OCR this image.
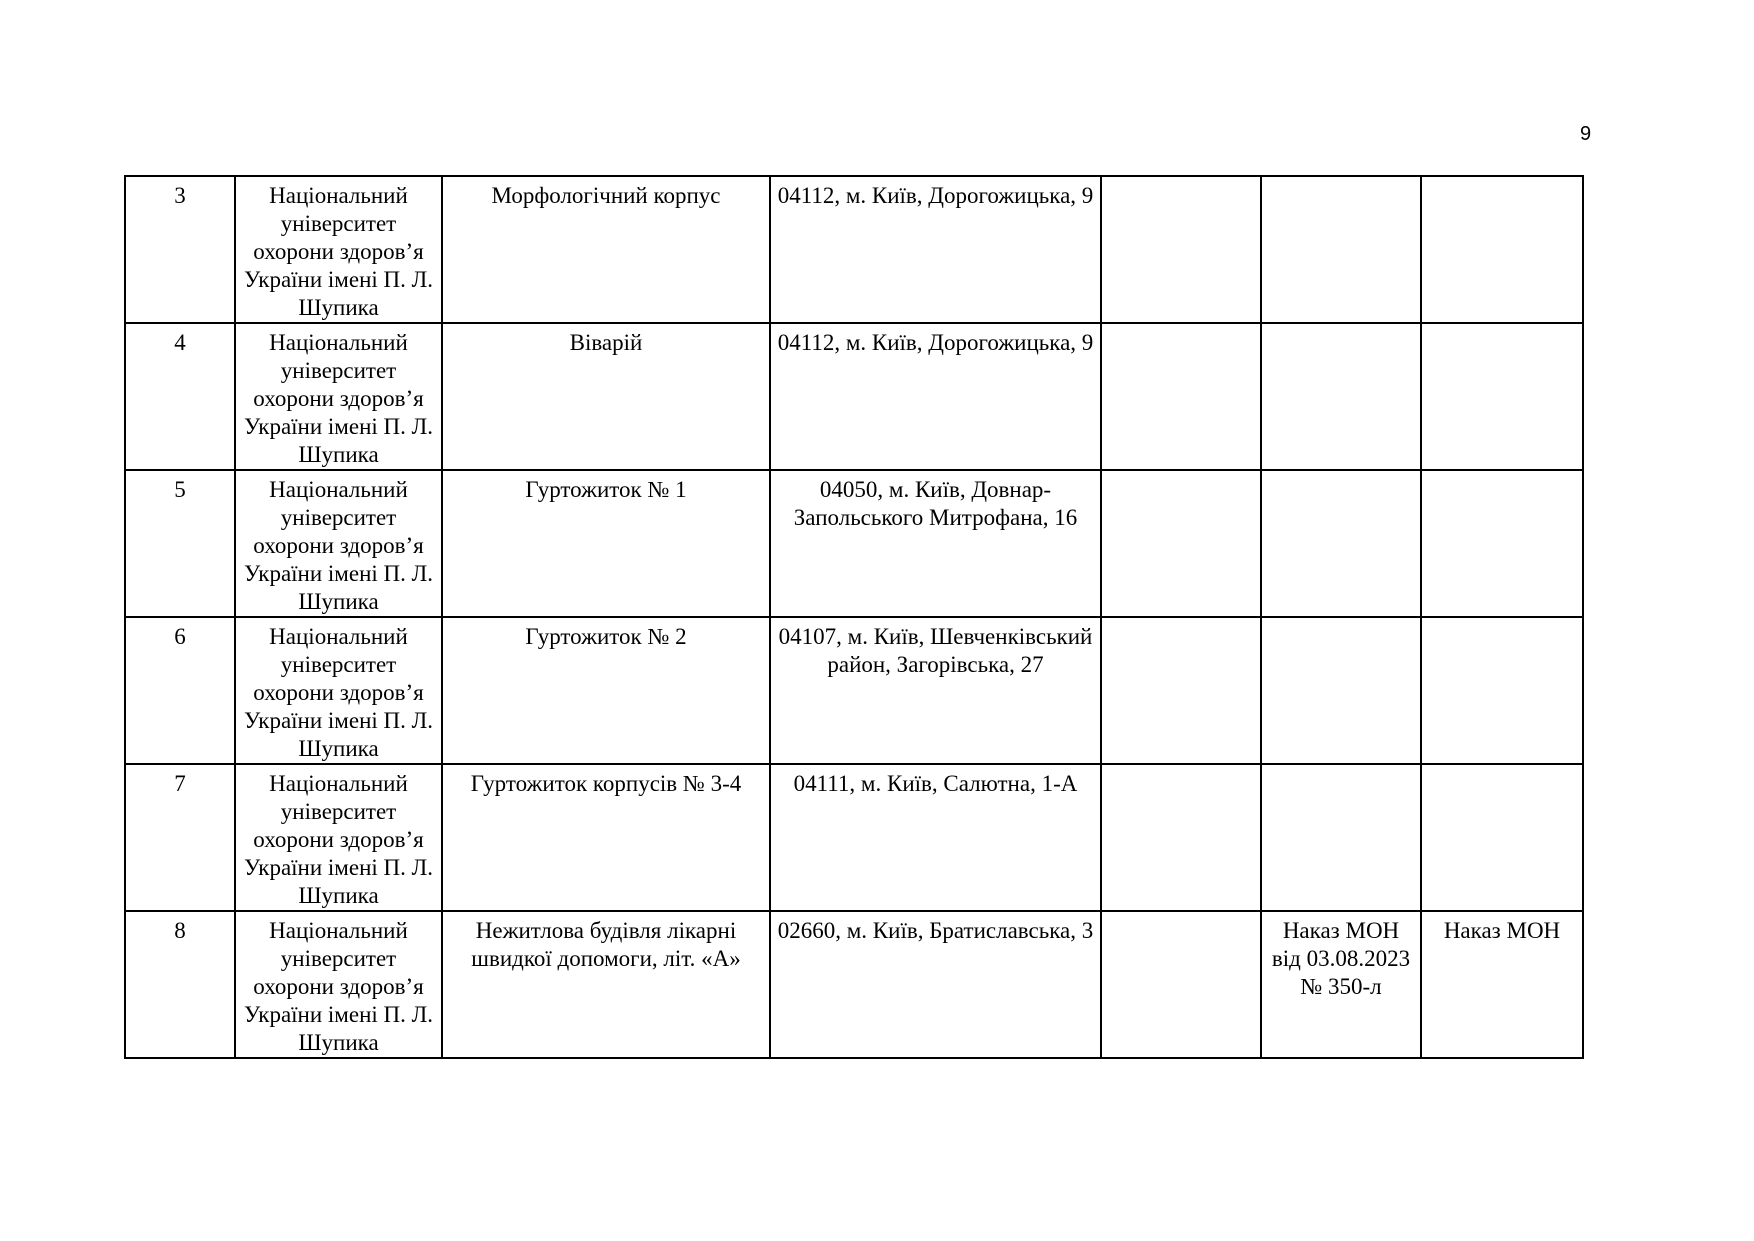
9
3	Національний університет охорони здоров’я України імені П. Л. Шупика	Морфологічний корпус	04112, м. Київ, Дорогожицька, 9			
4	Національний університет охорони здоров’я України імені П. Л. Шупика	Віварій	04112, м. Київ, Дорогожицька, 9			
5	Національний університет охорони здоров’я України імені П. Л. Шупика	Гуртожиток № 1	04050, м. Київ, Довнар-Запольського Митрофана, 16			
6	Національний університет охорони здоров’я України імені П. Л. Шупика	Гуртожиток № 2	04107, м. Київ, Шевченківський район, Загорівська, 27			
7	Національний університет охорони здоров’я України імені П. Л. Шупика	Гуртожиток корпусів № 3-4	04111, м. Київ, Салютна, 1-А			
8	Національний університет охорони здоров’я України імені П. Л. Шупика	Нежитлова будівля лікарні швидкої допомоги, літ. «А»	02660, м. Київ, Братиславська, 3		Наказ МОН від 03.08.2023 № 350-л	Наказ МОН
